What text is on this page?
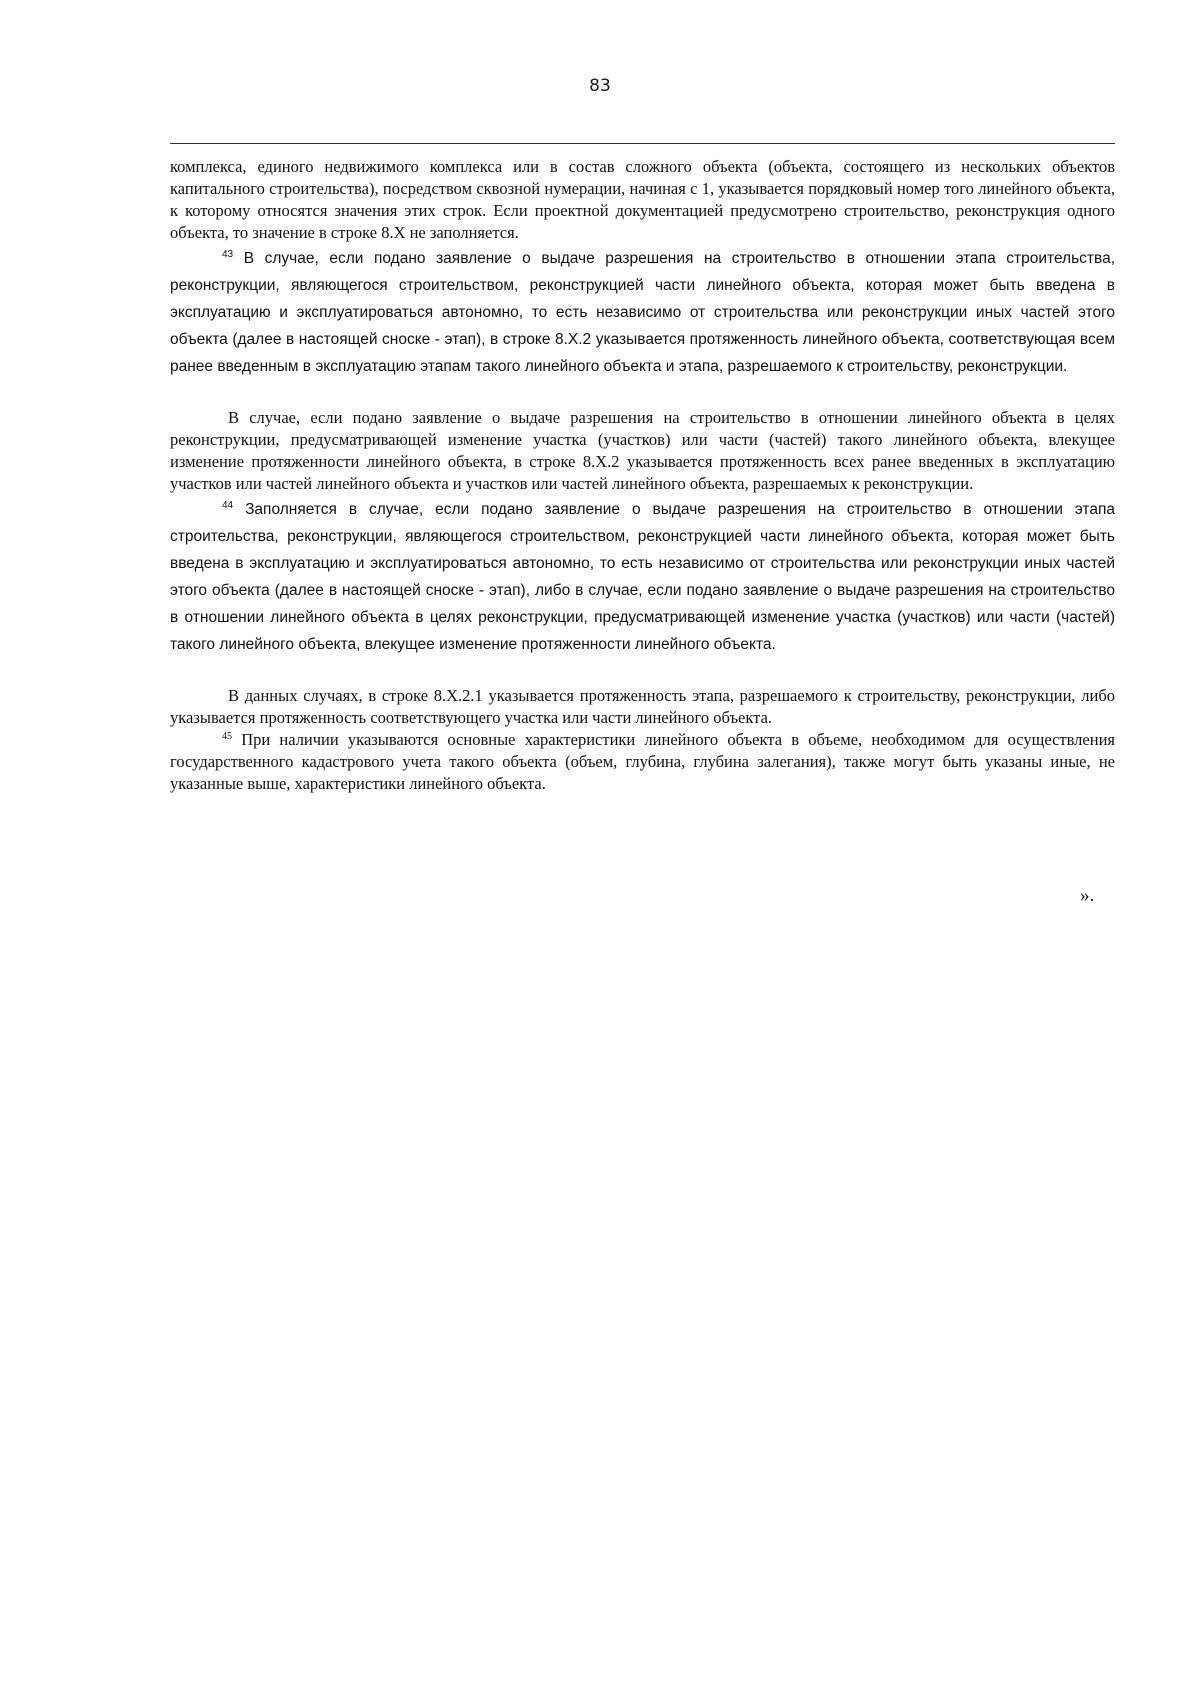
83

комплекса, единого недвижимого комплекса или в состав сложного объекта (объекта, состоящего из нескольких объектов капитального строительства), посредством сквозной нумерации, начиная с 1, указывается порядковый номер того линейного объекта, к которому относятся значения этих строк. Если проектной документацией предусмотрено строительство, реконструкция одного объекта, то значение в строке 8.X не заполняется.

$^{43}$ В случае, если подано заявление о выдаче разрешения на строительство в отношении этапа строительства, реконструкции, являющегося строительством, реконструкцией части линейного объекта, которая может быть введена в эксплуатацию и эксплуатироваться автономно, то есть независимо от строительства или реконструкции иных частей этого объекта (далее в настоящей сноске - этап), в строке 8.X.2 указывается протяженность линейного объекта, соответствующая всем ранее введенным в эксплуатацию этапам такого линейного объекта и этапа, разрешаемого к строительству, реконструкции.

В случае, если подано заявление о выдаче разрешения на строительство в отношении линейного объекта в целях реконструкции, предусматривающей изменение участка (участков) или части (частей) такого линейного объекта, влекущее изменение протяженности линейного объекта, в строке 8.X.2 указывается протяженность всех ранее введенных в эксплуатацию участков или частей линейного объекта и участков или частей линейного объекта, разрешаемых к реконструкции.

$^{44}$ Заполняется в случае, если подано заявление о выдаче разрешения на строительство в отношении этапа строительства, реконструкции, являющегося строительством, реконструкцией части линейного объекта, которая может быть введена в эксплуатацию и эксплуатироваться автономно, то есть независимо от строительства или реконструкции иных частей этого объекта (далее в настоящей сноске - этап), либо в случае, если подано заявление о выдаче разрешения на строительство в отношении линейного объекта в целях реконструкции, предусматривающей изменение участка (участков) или части (частей) такого линейного объекта, влекущее изменение протяженности линейного объекта.

В данных случаях, в строке 8.X.2.1 указывается протяженность этапа, разрешаемого к строительству, реконструкции, либо указывается протяженность соответствующего участка или части линейного объекта.

$^{45}$ При наличии указываются основные характеристики линейного объекта в объеме, необходимом для осуществления государственного кадастрового учета такого объекта (объем, глубина, глубина залегания), также могут быть указаны иные, не указанные выше, характеристики линейного объекта.

».
